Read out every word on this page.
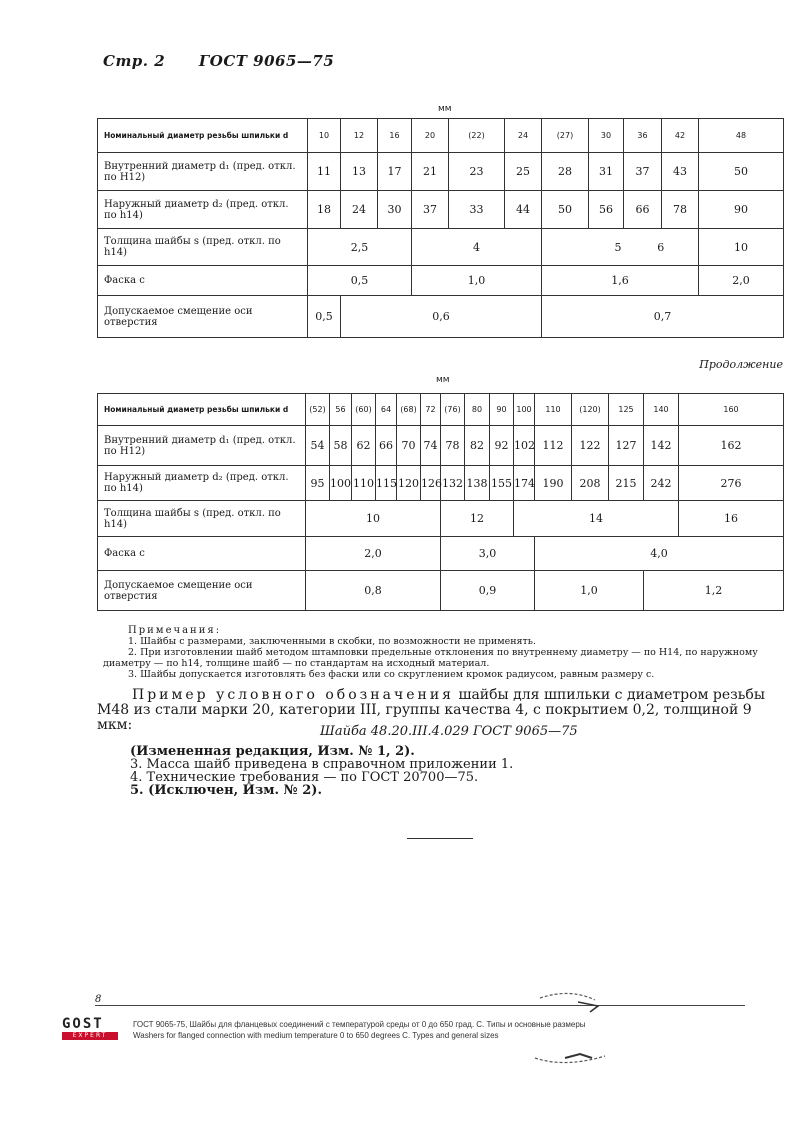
Стр. 2 ГОСТ 9065—75
мм
Номинальный диаметр резьбы шпильки d	10	12	16	20	(22)	24	(27)	30	36	42	48
Внутренний диаметр d₁ (пред. откл. по H12)	11	13	17	21	23	25	28	31	37	43	50
Наружный диаметр d₂ (пред. откл. по h14)	18	24	30	37	33	44	50	56	66	78	90
Толщина шайбы s (пред. откл. по h14)	2,5			4			5		6		10
Фаска c	0,5			1,0			1,6				2,0
Допускаемое смещение оси отверстия	0,5	0,6					0,7				
Продолжение
мм
Номинальный диаметр резьбы шпильки d	(52)	56	(60)	64	(68)	72	(76)	80	90	100	110	(120)	125	140	160
Внутренний диаметр d₁ (пред. откл. по H12)	54	58	62	66	70	74	78	82	92	102	112	122	127	142	162
Наружный диаметр d₂ (пред. откл. по h14)	95	100	110	115	120	126	132	138	155	174	190	208	215	242	276
Толщина шайбы s (пред. откл. по h14)	10						12			14					16
Фаска c	2,0						3,0				4,0				
Допускаемое смещение оси отверстия	0,8						0,9				1,0			1,2	
Примечания:
1. Шайбы с размерами, заключенными в скобки, по возможности не применять.
2. При изготовлении шайб методом штамповки предельные отклонения по внутреннему диаметру — по H14, по наружному диаметру — по h14, толщине шайб — по стандартам на исходный материал.
3. Шайбы допускается изготовлять без фаски или со скруглением кромок радиусом, равным размеру c.
Пример условного обозначения шайбы для шпильки с диаметром резьбы М48 из стали марки 20, категории III, группы качества 4, с покрытием 0,2, толщиной 9 мкм:	Шайба 48.20.III.4.029 ГОСТ 9065—75
(Измененная редакция, Изм. № 1, 2).
3. Масса шайб приведена в справочном приложении 1.
4. Технические требования — по ГОСТ 20700—75.
5. (Исключен, Изм. № 2).
8
GOST
EXPERT
ГОСТ 9065-75, Шайбы для фланцевых соединений с температурой среды от 0 до 650 град. С. Типы и основные размеры
Washers for flanged connection with medium temperature 0 to 650 degrees C. Types and general sizes
